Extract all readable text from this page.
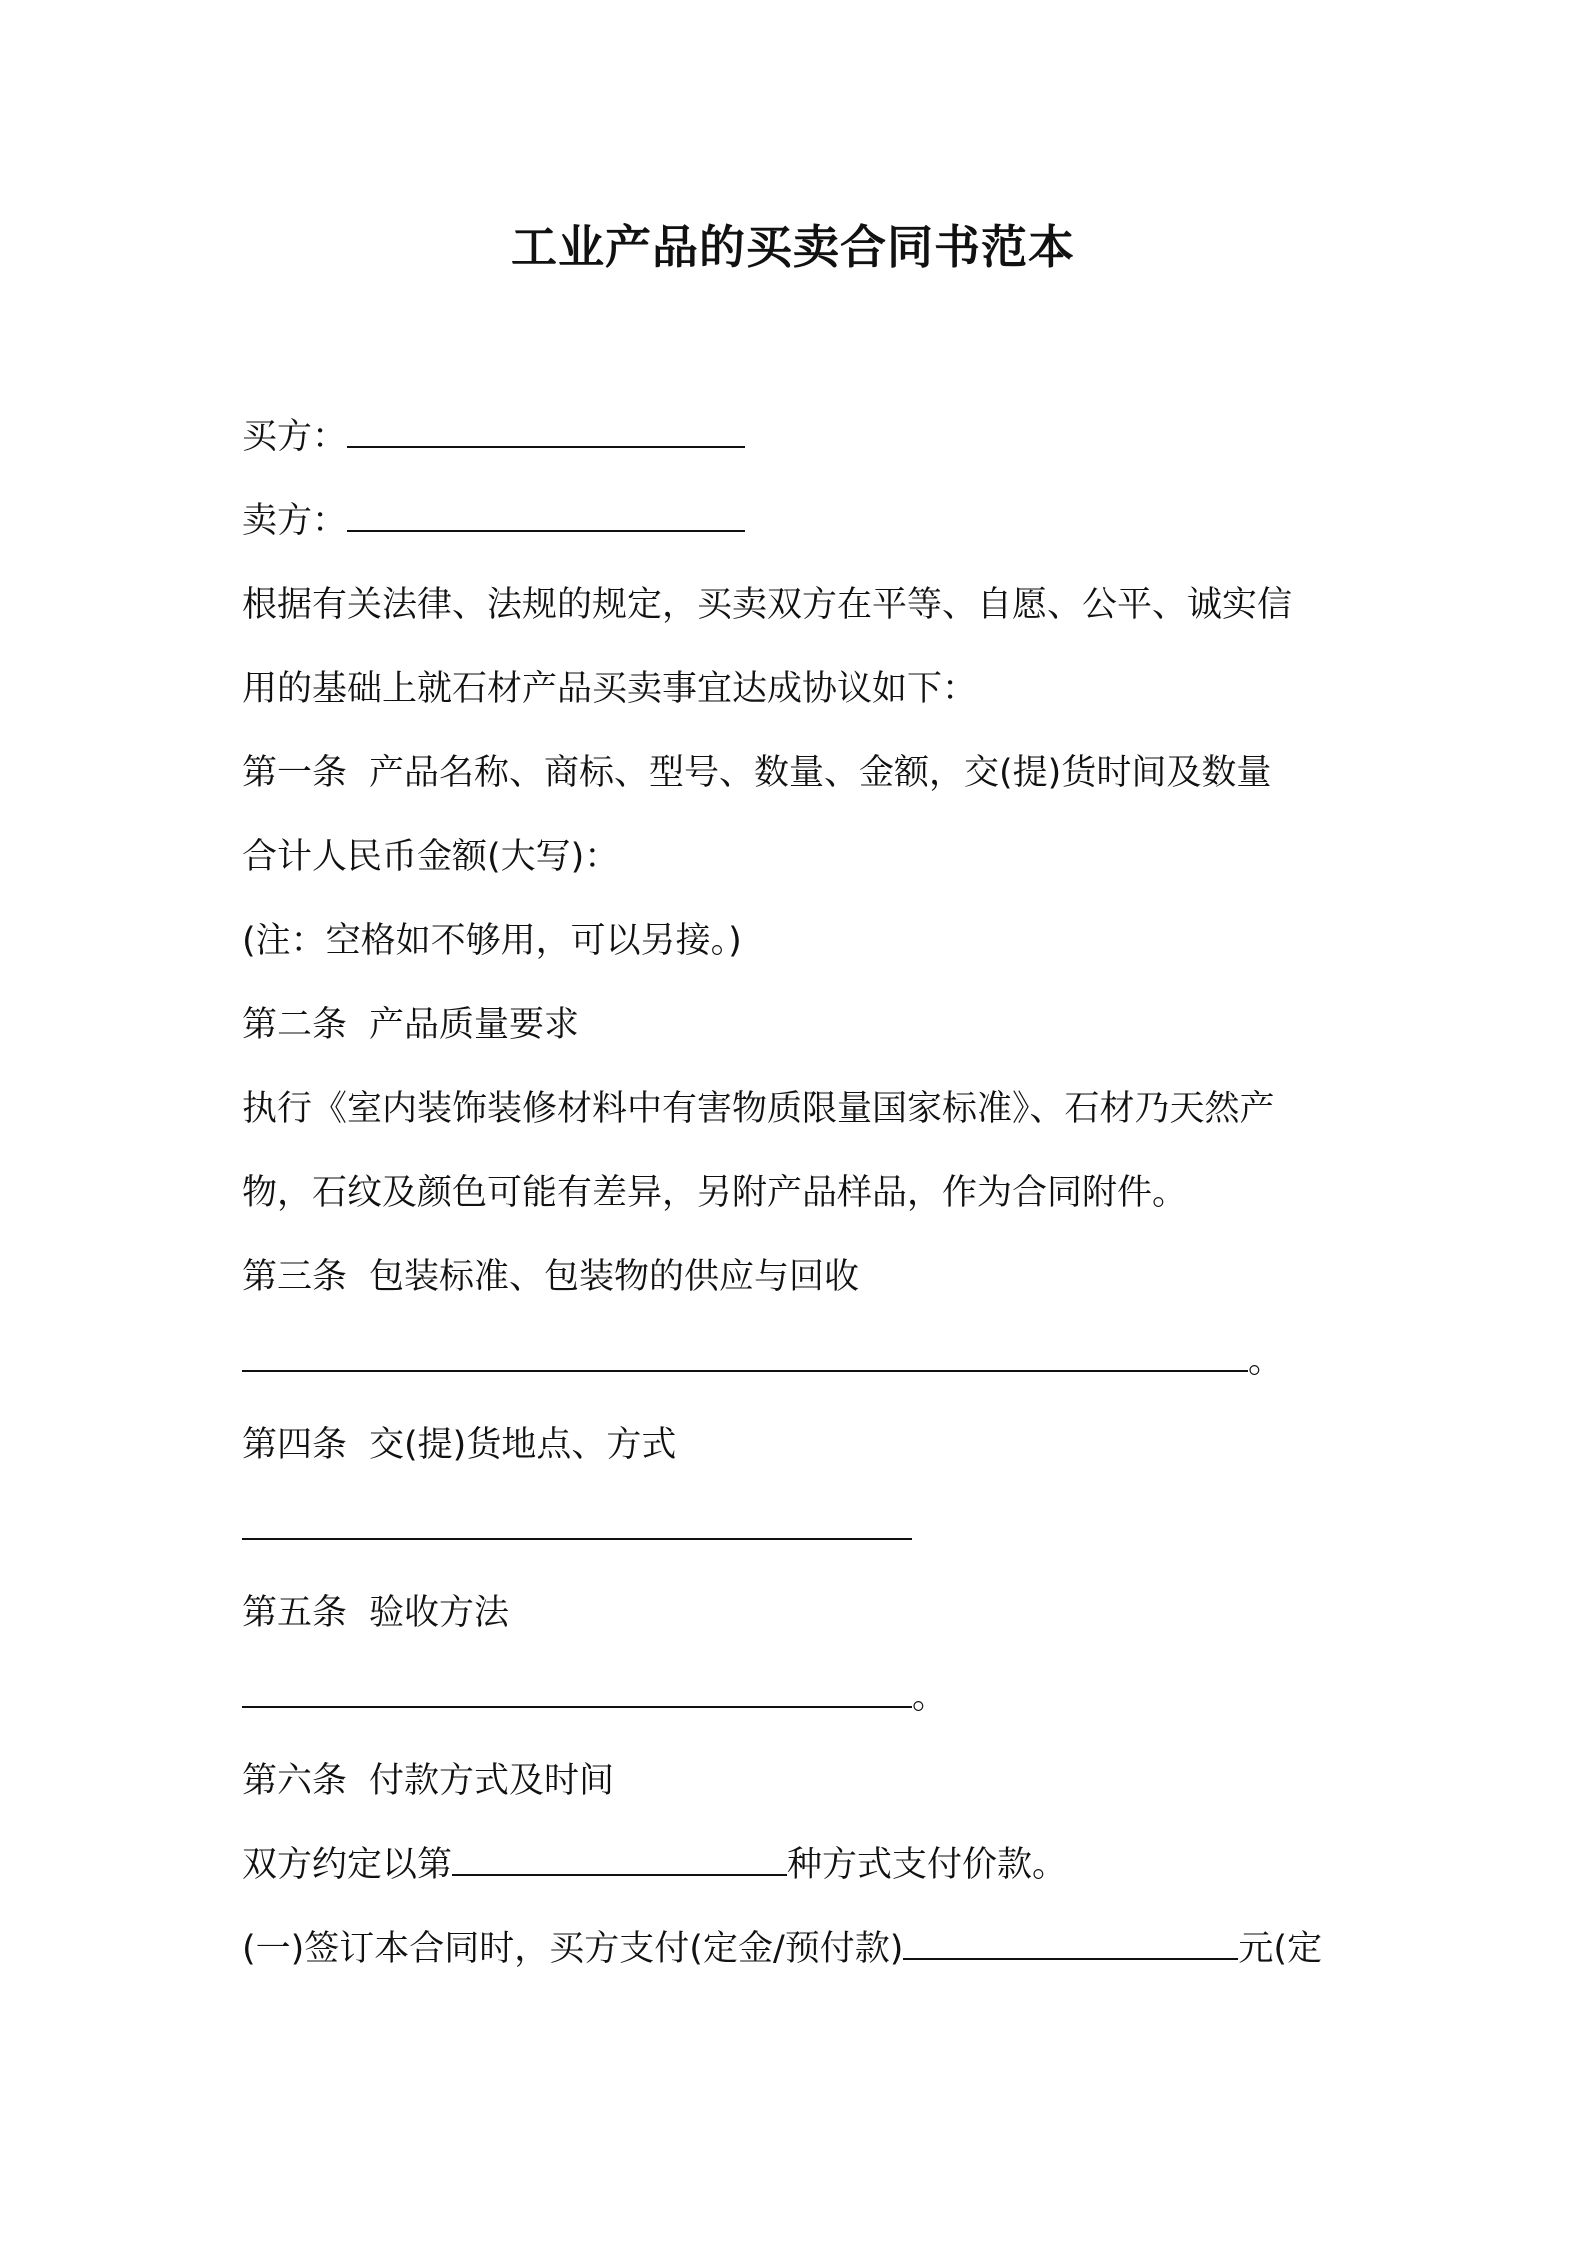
工业产品的买卖合同书范本

买方：

卖方：

根据有关法律、法规的规定，买卖双方在平等、自愿、公平、诚实信

用的基础上就石材产品买卖事宜达成协议如下：

第一条 产品名称、商标、型号、数量、金额，交(提)货时间及数量

合计人民币金额(大写)：

(注：空格如不够用，可以另接。)

第二条 产品质量要求

执行《室内装饰装修材料中有害物质限量国家标准》、石材乃天然产

物，石纹及颜色可能有差异，另附产品样品，作为合同附件。

第三条 包装标准、包装物的供应与回收

。

第四条 交(提)货地点、方式

第五条 验收方法

。

第六条 付款方式及时间

双方约定以第	种方式支付价款。

(一)签订本合同时，买方支付(定金/预付款)	元(定
